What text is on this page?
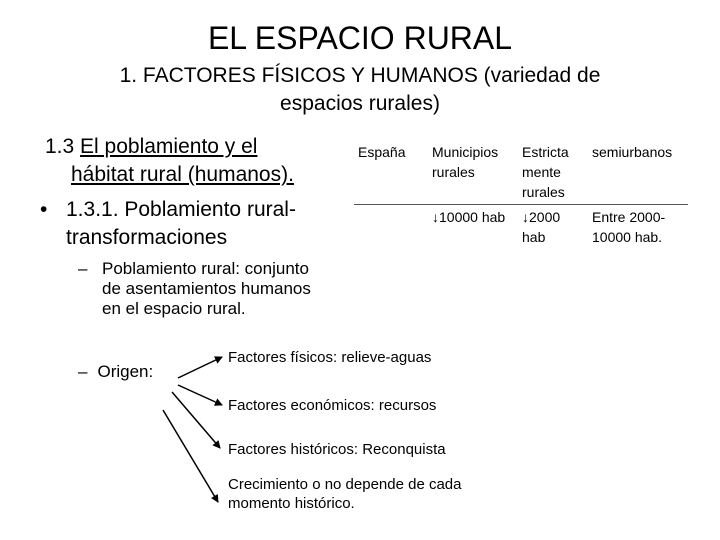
EL ESPACIO RURAL
1. FACTORES FÍSICOS Y HUMANOS (variedad de espacios rurales)
1.3 El poblamiento y el
hábitat rural (humanos).
• 1.3.1. Poblamiento rural-
transformaciones
– Poblamiento rural: conjunto
de asentamientos humanos
en el espacio rural.
– Origen:
España	Municipios rurales	Estricta mente rurales	semiurbanos
	↓10000 hab	↓2000 hab	Entre 2000-10000 hab.
Factores físicos: relieve-aguas
Factores económicos: recursos
Factores históricos: Reconquista
Crecimiento o no depende de cada momento histórico.
